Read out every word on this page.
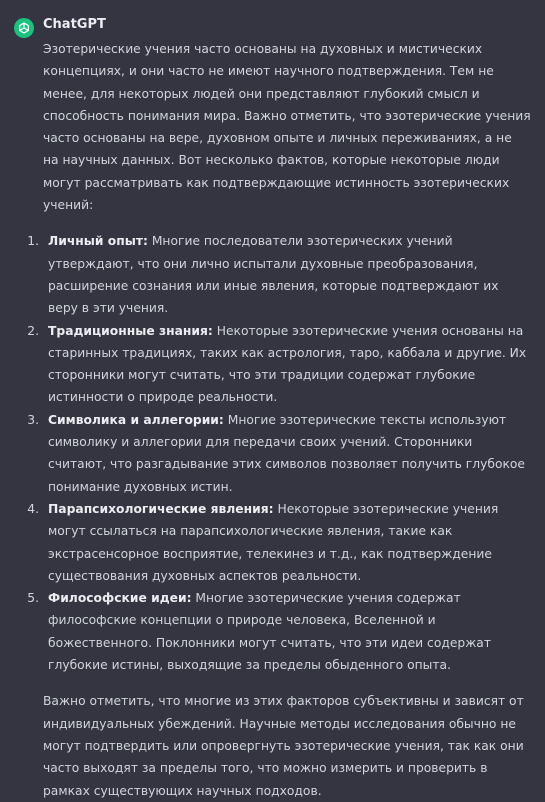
ChatGPT

Эзотерические учения часто основаны на духовных и мистических концепциях, и они часто не имеют научного подтверждения. Тем не менее, для некоторых людей они представляют глубокий смысл и способность понимания мира. Важно отметить, что эзотерические учения часто основаны на вере, духовном опыте и личных переживаниях, а не на научных данных. Вот несколько фактов, которые некоторые люди могут рассматривать как подтверждающие истинность эзотерических учений:

1. Личный опыт: Многие последователи эзотерических учений утверждают, что они лично испытали духовные преобразования, расширение сознания или иные явления, которые подтверждают их веру в эти учения.
2. Традиционные знания: Некоторые эзотерические учения основаны на старинных традициях, таких как астрология, таро, каббала и другие. Их сторонники могут считать, что эти традиции содержат глубокие истинности о природе реальности.
3. Символика и аллегории: Многие эзотерические тексты используют символику и аллегории для передачи своих учений. Сторонники считают, что разгадывание этих символов позволяет получить глубокое понимание духовных истин.
4. Парапсихологические явления: Некоторые эзотерические учения могут ссылаться на парапсихологические явления, такие как экстрасенсорное восприятие, телекинез и т.д., как подтверждение существования духовных аспектов реальности.
5. Философские идеи: Многие эзотерические учения содержат философские концепции о природе человека, Вселенной и божественного. Поклонники могут считать, что эти идеи содержат глубокие истины, выходящие за пределы обыденного опыта.

Важно отметить, что многие из этих факторов субъективны и зависят от индивидуальных убеждений. Научные методы исследования обычно не могут подтвердить или опровергнуть эзотерические учения, так как они часто выходят за пределы того, что можно измерить и проверить в рамках существующих научных подходов.
